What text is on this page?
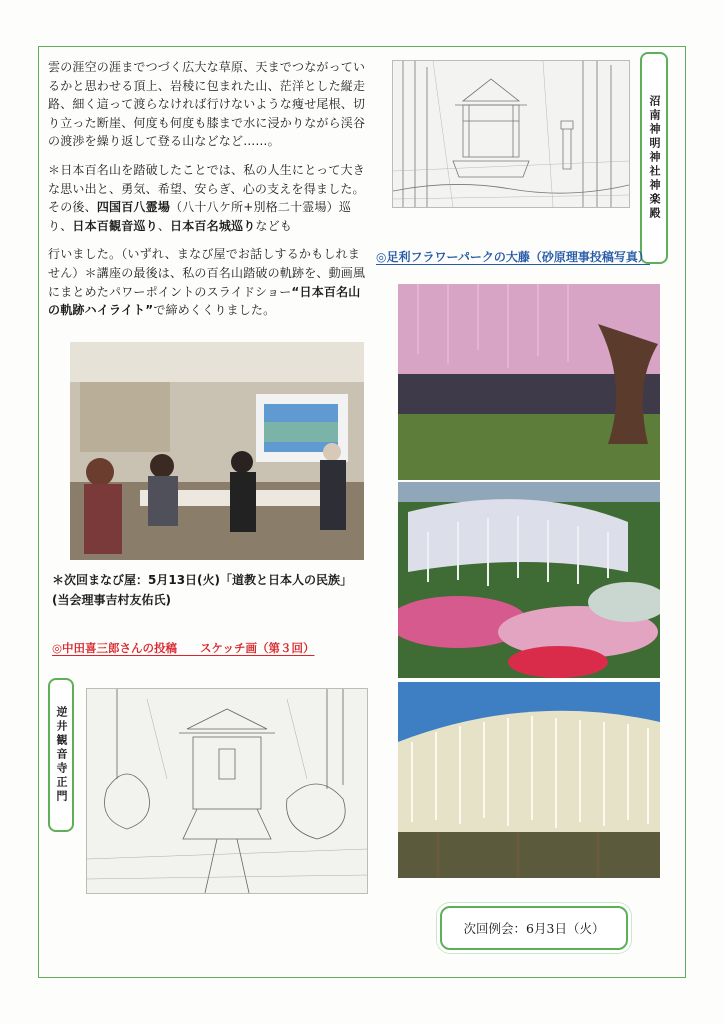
雲の涯空の涯までつづく広大な草原、天までつながっているかと思わせる頂上、岩稜に包まれた山、茫洋とした縦走路、細く這って渡らなければ行けないような痩せ尾根、切り立った断崖、何度も何度も膝まで水に浸かりながら渓谷の渡渉を繰り返して登る山などなど……。

＊日本百名山を踏破したことでは、私の人生にとって大きな思い出と、勇気、希望、安らぎ、心の支えを得ました。その後、四国百八霊場（八十八ケ所+別格二十霊場）巡り、日本百観音巡り、日本百名城巡りなども

行いました。（いずれ、まなび屋でお話しするかもしれません）＊講座の最後は、私の百名山踏破の軌跡を、動画風にまとめたパワーポイントのスライドショー“日本百名山の軌跡ハイライト”で締めくくりました。

沼南神明神社神楽殿
◎足利フラワーパークの大藤（砂原理事投稿写真）
＊次回まなび屋：5月13日(火)「道教と日本人の民族」(当会理事吉村友佑氏)
◎中田喜三郎さんの投稿　　スケッチ画（第３回）
逆井観音寺正門
次回例会：6月3日（火）
